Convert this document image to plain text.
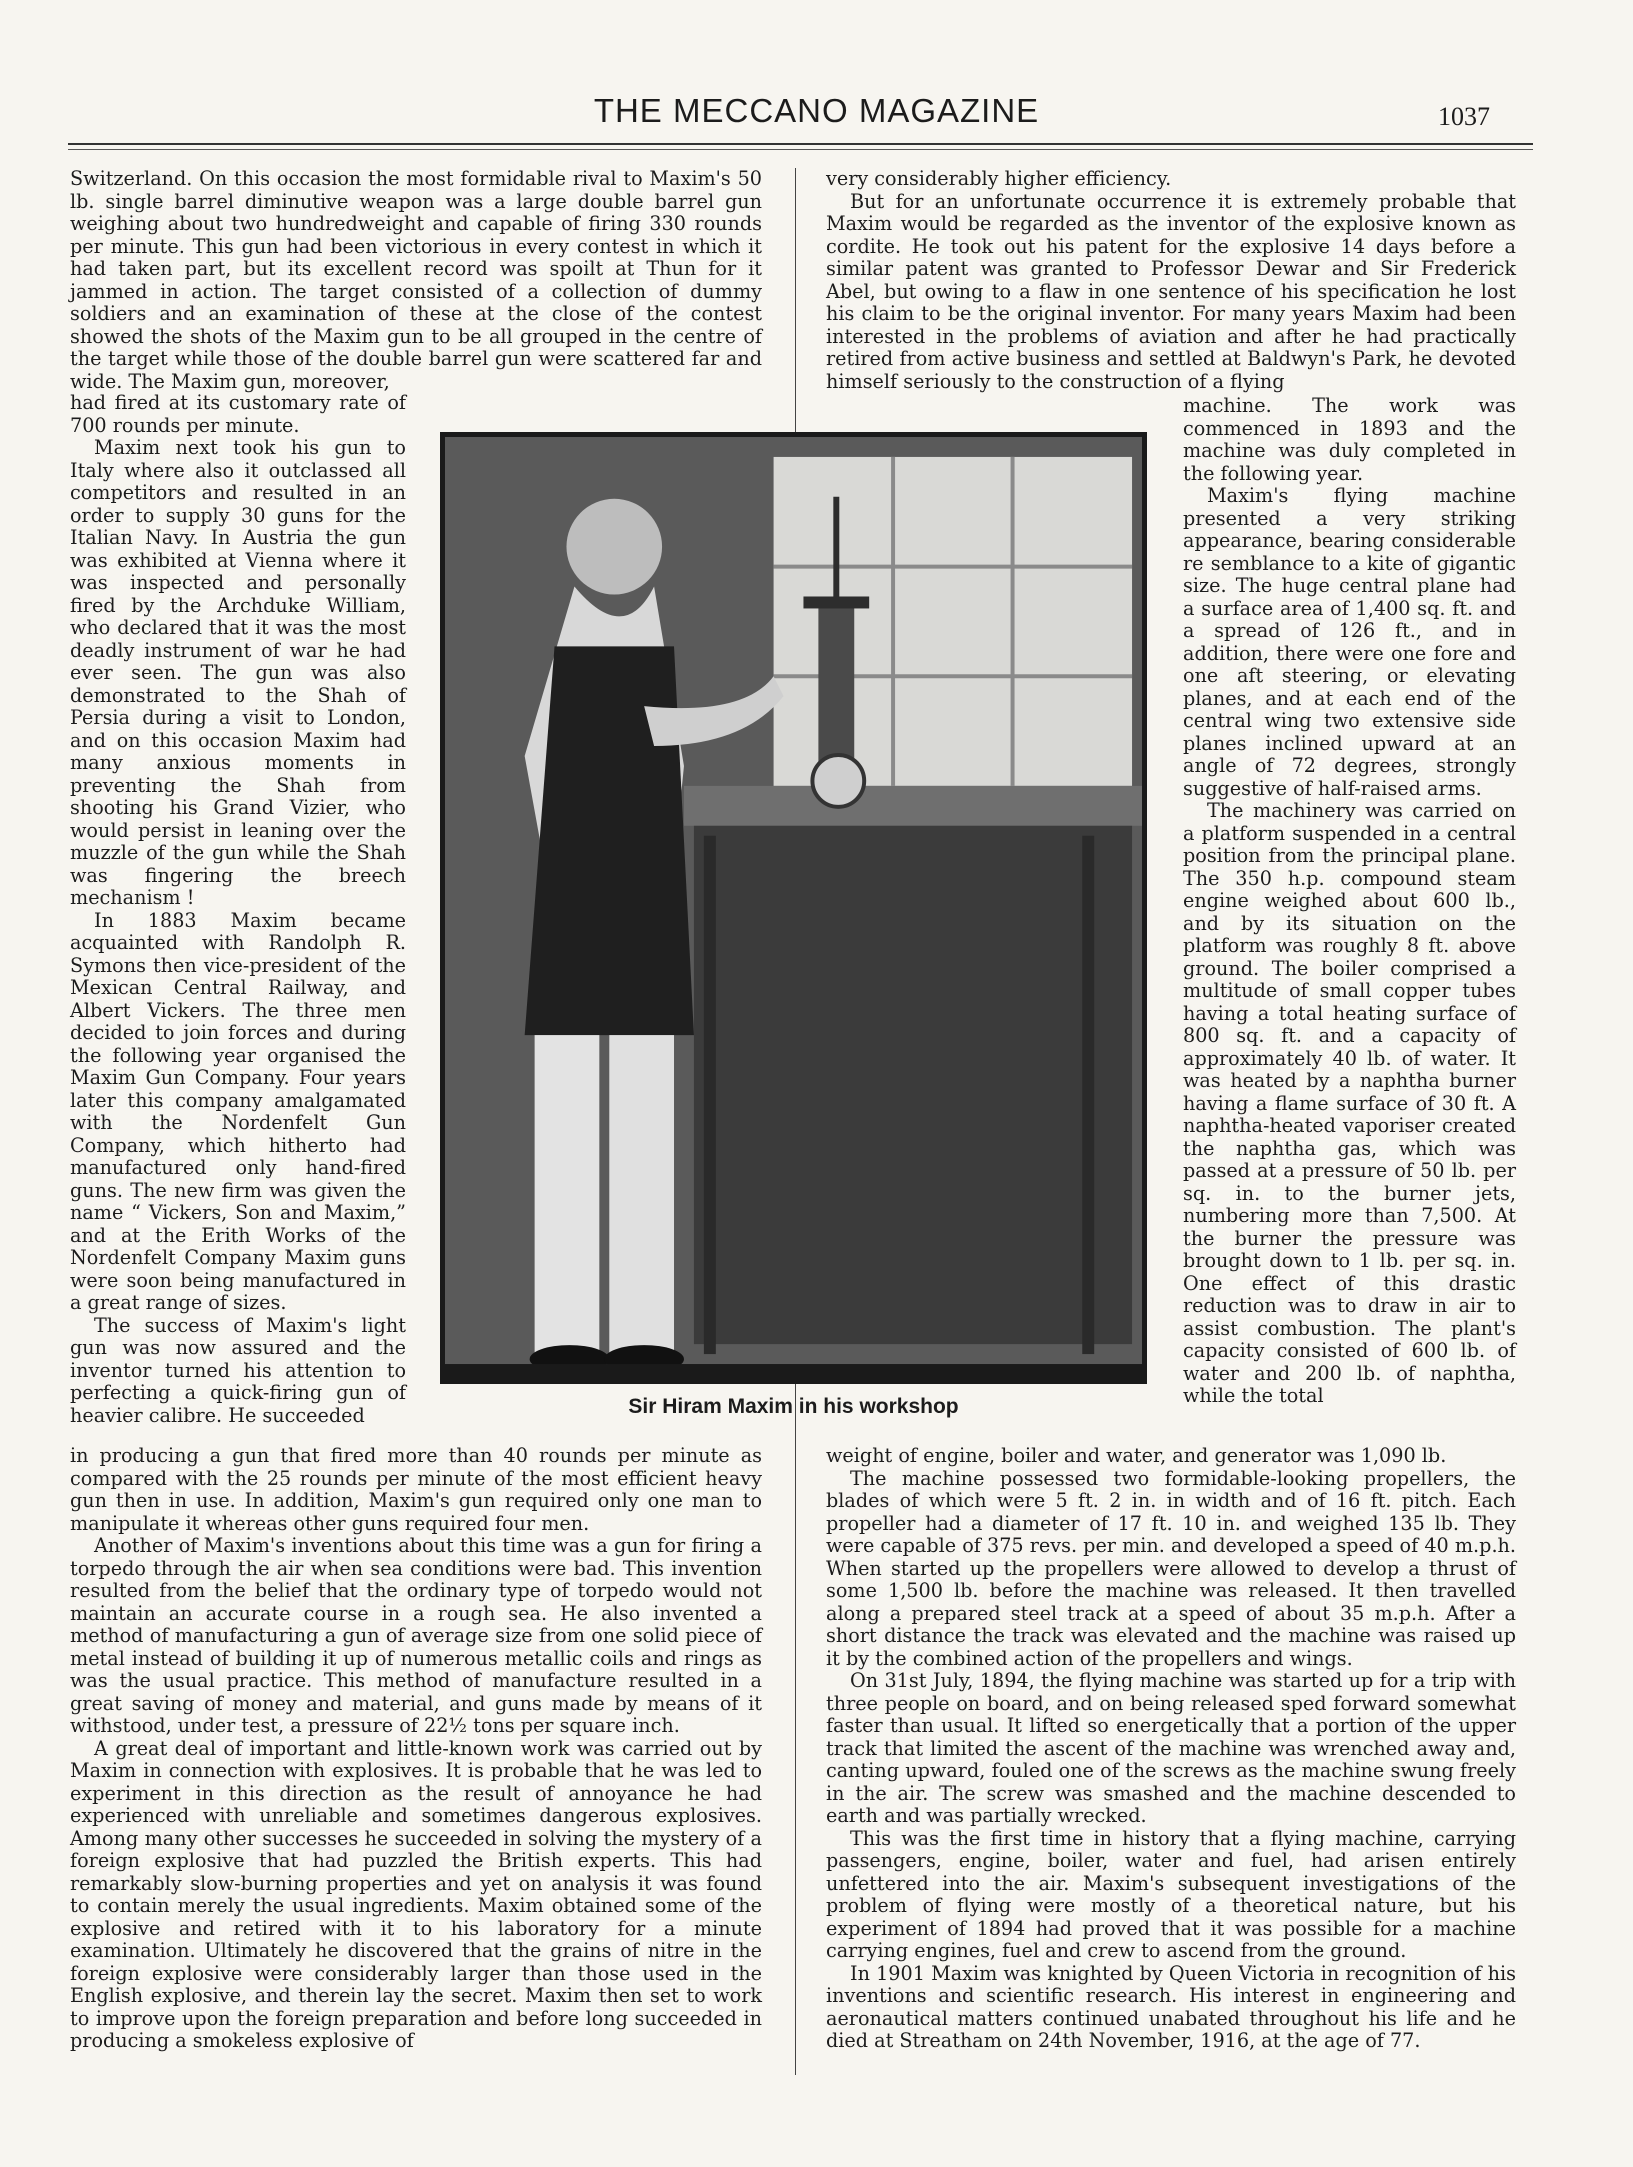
THE MECCANO MAGAZINE	1037

Switzerland. On this occasion the most formidable rival to Maxim's 50 lb. single barrel diminutive weapon was a large double barrel gun weighing about two hundredweight and capable of firing 330 rounds per minute. This gun had been victorious in every contest in which it had taken part, but its excellent record was spoilt at Thun for it jammed in action. The target consisted of a collection of dummy soldiers and an examination of these at the close of the contest showed the shots of the Maxim gun to be all grouped in the centre of the target while those of the double barrel gun were scattered far and wide. The Maxim gun, moreover,

had fired at its customary rate of 700 rounds per minute.

Maxim next took his gun to Italy where also it outclassed all competitors and resulted in an order to supply 30 guns for the Italian Navy. In Austria the gun was exhibited at Vienna where it was inspected and personally fired by the Archduke William, who declared that it was the most deadly instrument of war he had ever seen. The gun was also demonstrated to the Shah of Persia during a visit to London, and on this occasion Maxim had many anxious moments in preventing the Shah from shooting his Grand Vizier, who would persist in leaning over the muzzle of the gun while the Shah was fingering the breech mechanism !

In 1883 Maxim became acquainted with Randolph R. Symons then vice-president of the Mexican Central Railway, and Albert Vickers. The three men decided to join forces and during the following year organised the Maxim Gun Company. Four years later this company amalgamated with the Nordenfelt Gun Company, which hitherto had manufactured only hand-fired guns. The new firm was given the name “ Vickers, Son and Maxim,” and at the Erith Works of the Nordenfelt Company Maxim guns were soon being manufactured in a great range of sizes.

The success of Maxim's light gun was now assured and the inventor turned his attention to perfecting a quick-firing gun of heavier calibre. He succeeded

in producing a gun that fired more than 40 rounds per minute as compared with the 25 rounds per minute of the most efficient heavy gun then in use. In addition, Maxim's gun required only one man to manipulate it whereas other guns required four men.

Another of Maxim's inventions about this time was a gun for firing a torpedo through the air when sea conditions were bad. This invention resulted from the belief that the ordinary type of torpedo would not maintain an accurate course in a rough sea. He also invented a method of manufacturing a gun of average size from one solid piece of metal instead of building it up of numerous metallic coils and rings as was the usual practice. This method of manufacture resulted in a great saving of money and material, and guns made by means of it withstood, under test, a pressure of 22½ tons per square inch.

A great deal of important and little-known work was carried out by Maxim in connection with explosives. It is probable that he was led to experiment in this direction as the result of annoyance he had experienced with unreliable and sometimes dangerous explosives. Among many other successes he succeeded in solving the mystery of a foreign explosive that had puzzled the British experts. This had remarkably slow-burning properties and yet on analysis it was found to contain merely the usual ingredients. Maxim obtained some of the explosive and retired with it to his laboratory for a minute examination. Ultimately he discovered that the grains of nitre in the foreign explosive were considerably larger than those used in the English explosive, and therein lay the secret. Maxim then set to work to improve upon the foreign preparation and before long succeeded in producing a smokeless explosive of

very considerably higher efficiency.

But for an unfortunate occurrence it is extremely probable that Maxim would be regarded as the inventor of the explosive known as cordite. He took out his patent for the explosive 14 days before a similar patent was granted to Professor Dewar and Sir Frederick Abel, but owing to a flaw in one sentence of his specification he lost his claim to be the original inventor. For many years Maxim had been interested in the problems of aviation and after he had practically retired from active business and settled at Baldwyn's Park, he devoted himself seriously to the construction of a flying

machine. The work was commenced in 1893 and the machine was duly completed in the following year.

Maxim's flying machine presented a very striking appearance, bearing considerable re semblance to a kite of gigantic size. The huge central plane had a surface area of 1,400 sq. ft. and a spread of 126 ft., and in addition, there were one fore and one aft steering, or elevating planes, and at each end of the central wing two extensive side planes inclined upward at an angle of 72 degrees, strongly suggestive of half-raised arms.

The machinery was carried on a platform suspended in a central position from the principal plane. The 350 h.p. compound steam engine weighed about 600 lb., and by its situation on the platform was roughly 8 ft. above ground. The boiler comprised a multitude of small copper tubes having a total heating surface of 800 sq. ft. and a capacity of approximately 40 lb. of water. It was heated by a naphtha burner having a flame surface of 30 ft. A naphtha-heated vaporiser created the naphtha gas, which was passed at a pressure of 50 lb. per sq. in. to the burner jets, numbering more than 7,500. At the burner the pressure was brought down to 1 lb. per sq. in. One effect of this drastic reduction was to draw in air to assist combustion. The plant's capacity consisted of 600 lb. of water and 200 lb. of naphtha, while the total

weight of engine, boiler and water, and generator was 1,090 lb.

The machine possessed two formidable-looking propellers, the blades of which were 5 ft. 2 in. in width and of 16 ft. pitch. Each propeller had a diameter of 17 ft. 10 in. and weighed 135 lb. They were capable of 375 revs. per min. and developed a speed of 40 m.p.h. When started up the propellers were allowed to develop a thrust of some 1,500 lb. before the machine was released. It then travelled along a prepared steel track at a speed of about 35 m.p.h. After a short distance the track was elevated and the machine was raised up it by the combined action of the propellers and wings.

On 31st July, 1894, the flying machine was started up for a trip with three people on board, and on being released sped forward somewhat faster than usual. It lifted so energetically that a portion of the upper track that limited the ascent of the machine was wrenched away and, canting upward, fouled one of the screws as the machine swung freely in the air. The screw was smashed and the machine descended to earth and was partially wrecked.

This was the first time in history that a flying machine, carrying passengers, engine, boiler, water and fuel, had arisen entirely unfettered into the air. Maxim's subsequent investigations of the problem of flying were mostly of a theoretical nature, but his experiment of 1894 had proved that it was possible for a machine carrying engines, fuel and crew to ascend from the ground.

In 1901 Maxim was knighted by Queen Victoria in recognition of his inventions and scientific research. His interest in engineering and aeronautical matters continued unabated throughout his life and he died at Streatham on 24th November, 1916, at the age of 77.

Sir Hiram Maxim in his workshop
